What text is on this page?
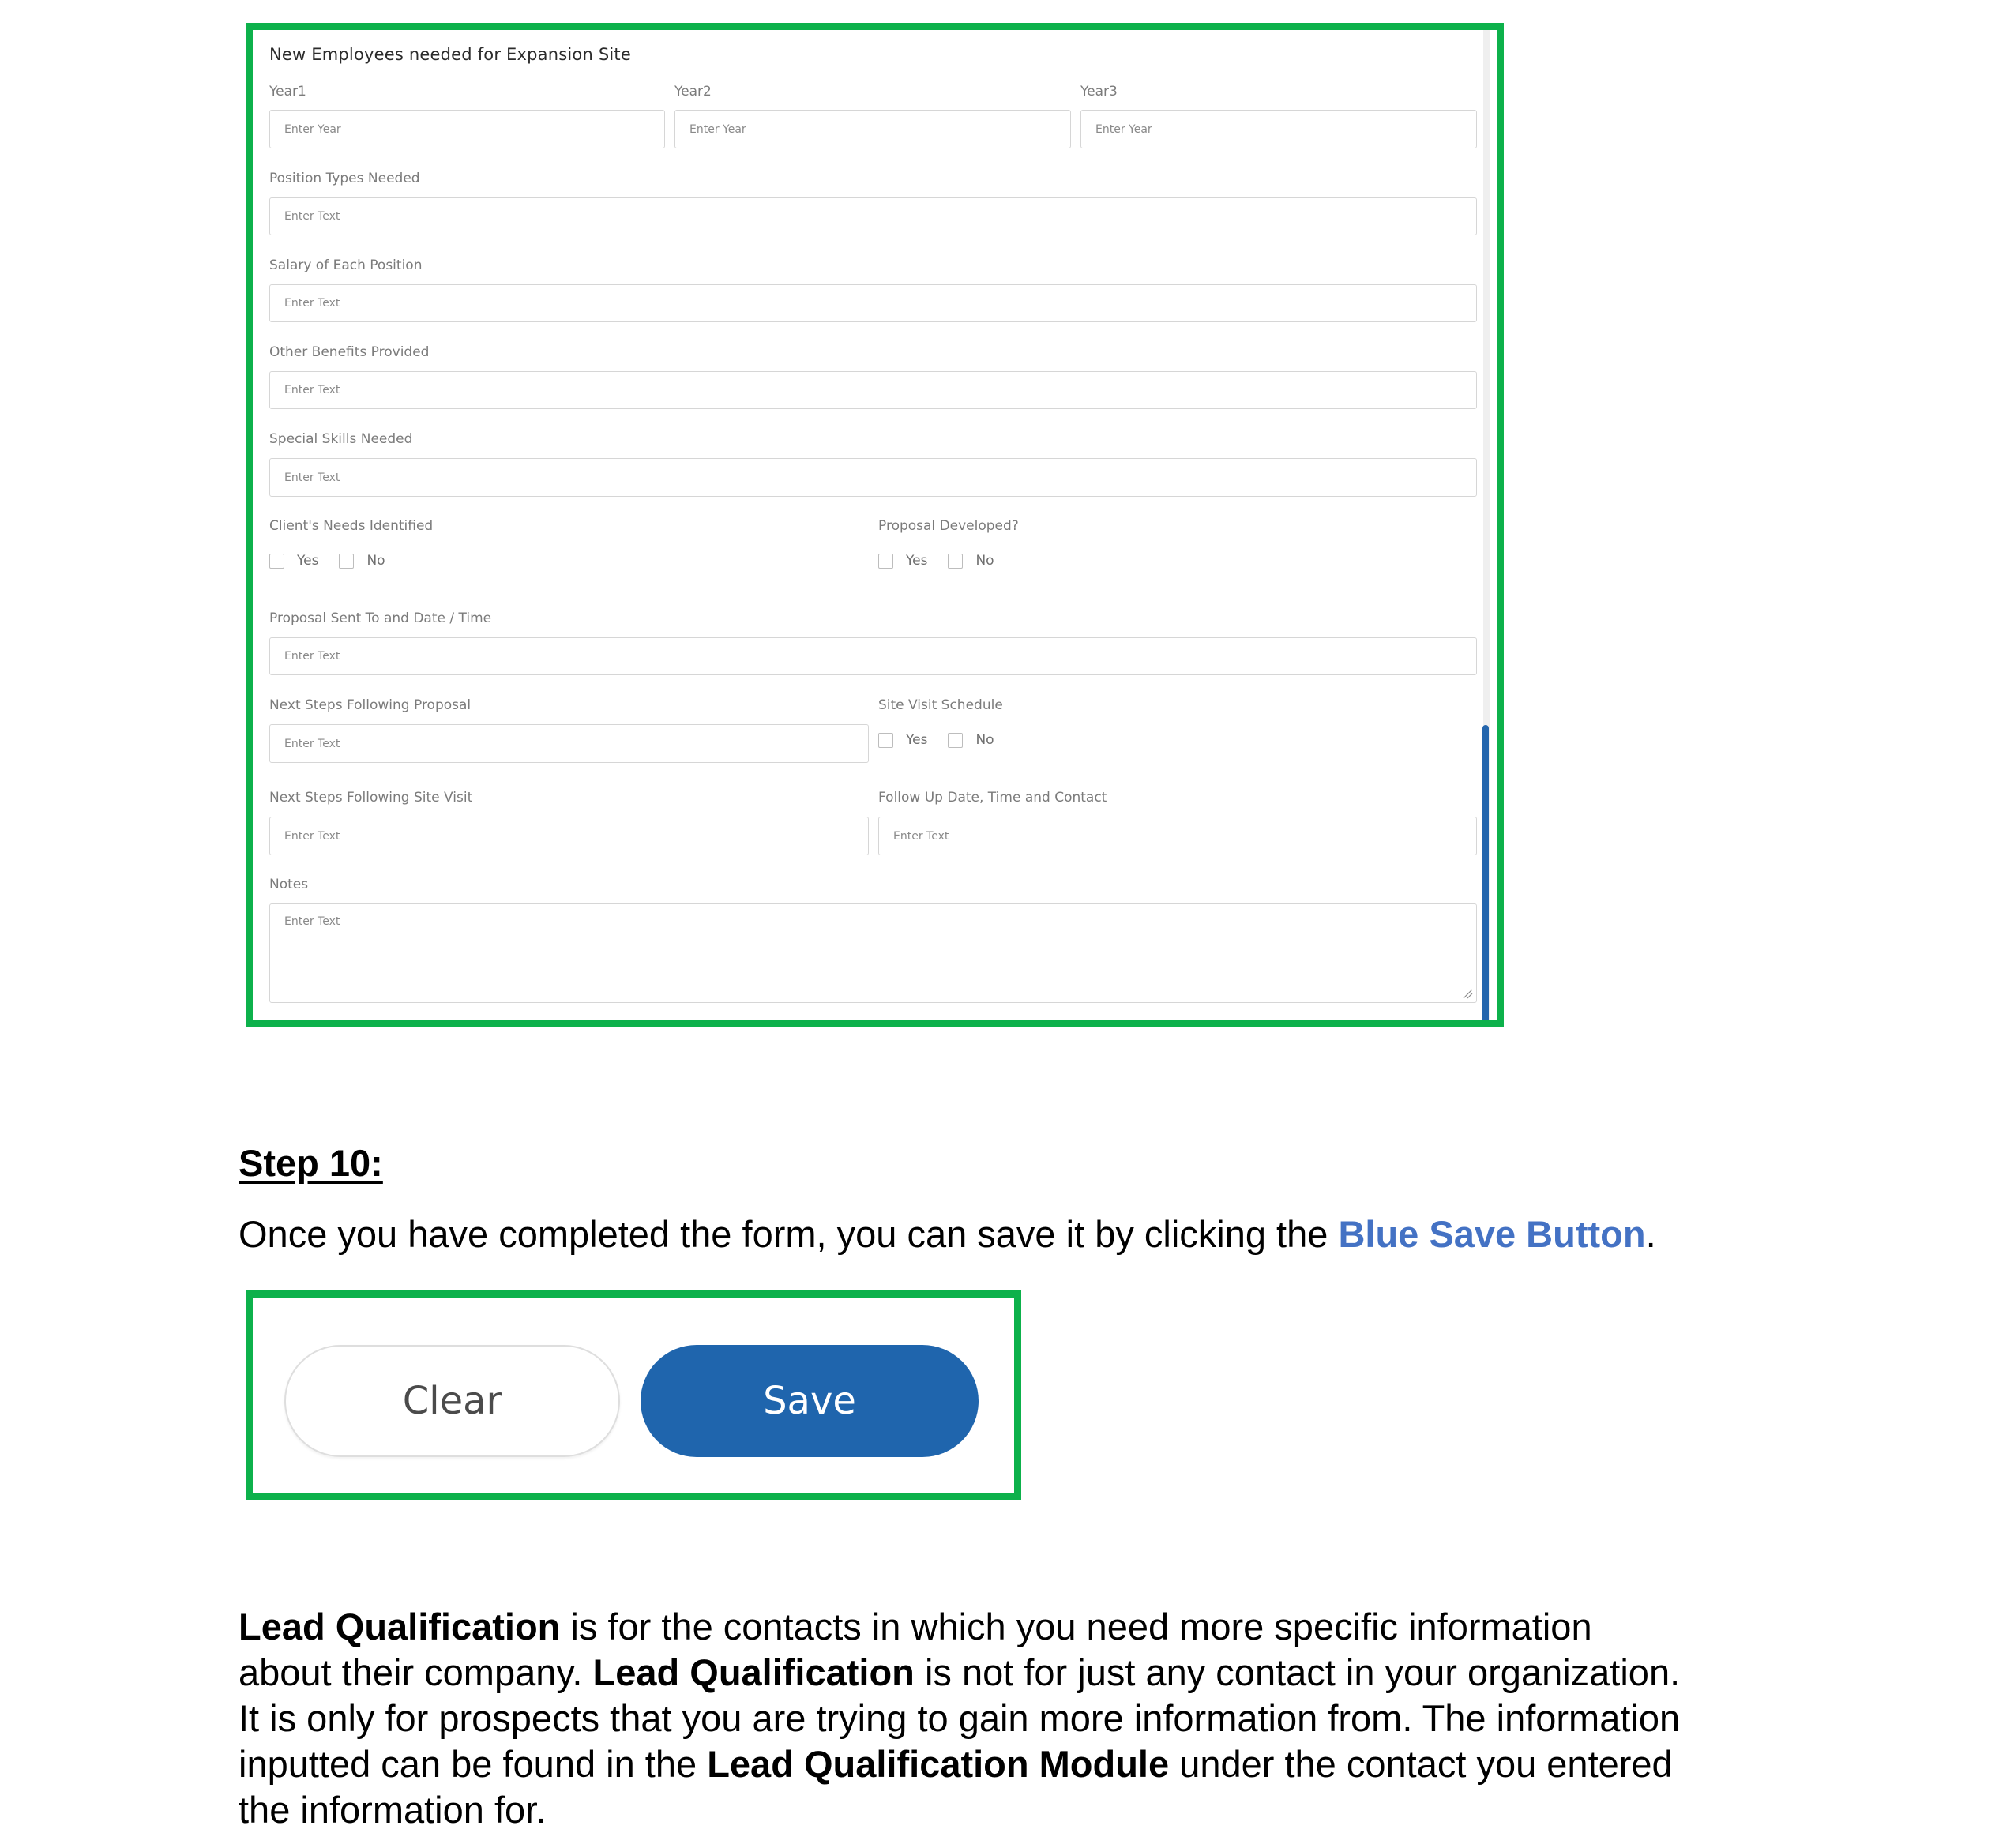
New Employees needed for Expansion Site
Year1	Year2	Year3
Enter Year	Enter Year	Enter Year
Position Types Needed
Enter Text
Salary of Each Position
Enter Text
Other Benefits Provided
Enter Text
Special Skills Needed
Enter Text
Client's Needs Identified
Yes	No
Proposal Developed?
Yes	No
Proposal Sent To and Date / Time
Enter Text
Next Steps Following Proposal
Enter Text
Site Visit Schedule
Yes	No
Next Steps Following Site Visit
Enter Text
Follow Up Date, Time and Contact
Enter Text
Notes
Enter Text
Step 10:
Once you have completed the form, you can save it by clicking the Blue Save Button.
Clear	Save

Lead Qualification is for the contacts in which you need more specific information

about their company. Lead Qualification is not for just any contact in your organization.

It is only for prospects that you are trying to gain more information from. The information

inputted can be found in the Lead Qualification Module under the contact you entered

the information for.
